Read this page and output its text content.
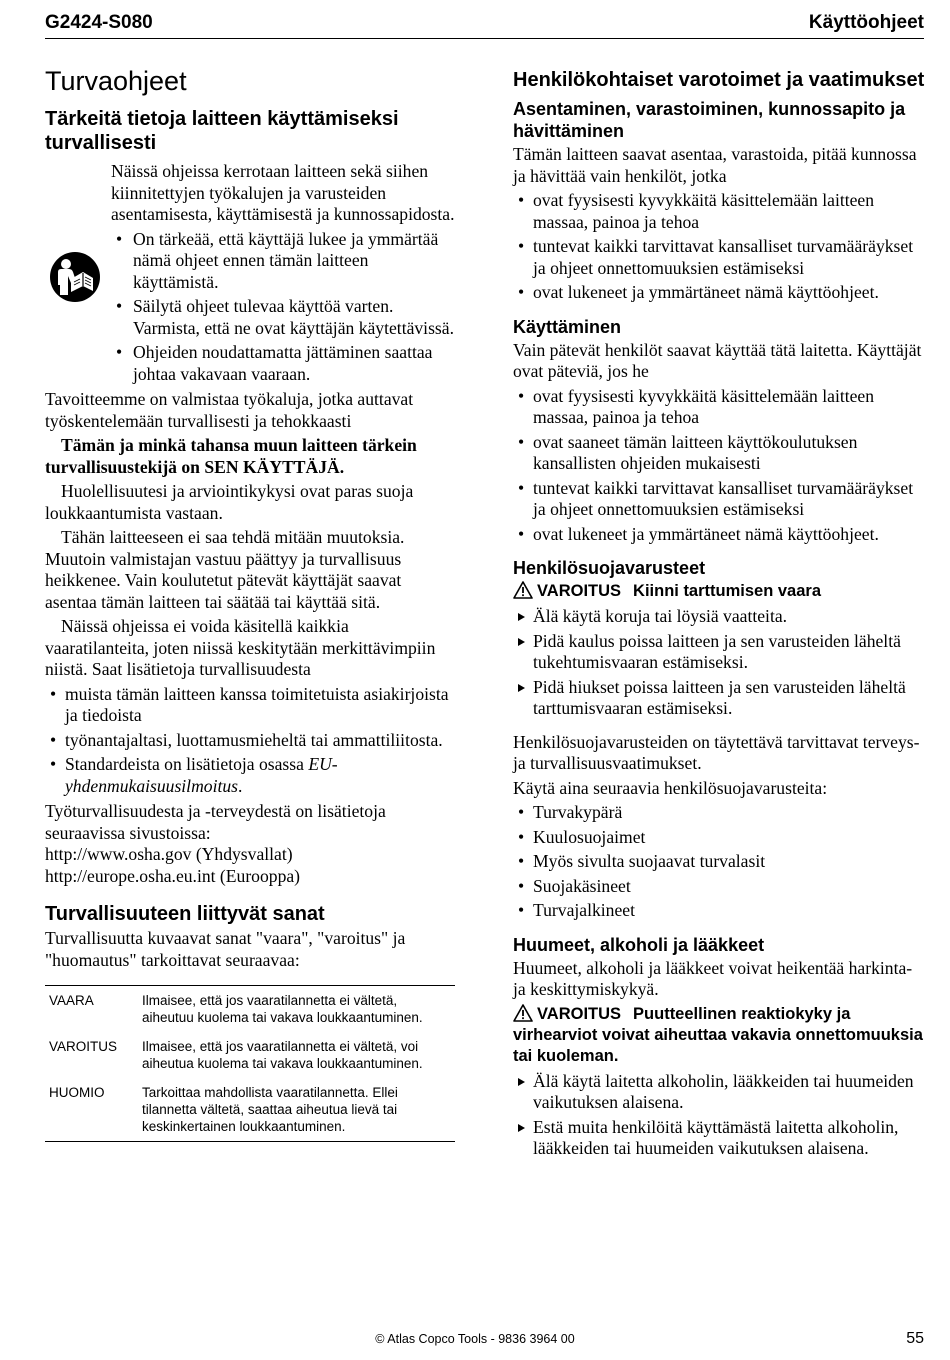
G2424-S080	Käyttöohjeet
Turvaohjeet
Tärkeitä tietoja laitteen käyttämiseksi turvallisesti

Näissä ohjeissa kerrotaan laitteen sekä siihen kiinnitettyjen työkalujen ja varusteiden asentamisesta, käyttämisestä ja kunnossapidosta.

• On tärkeää, että käyttäjä lukee ja ymmärtää nämä ohjeet ennen tämän laitteen käyttämistä.
• Säilytä ohjeet tulevaa käyttöä varten. Varmista, että ne ovat käyttäjän käytettävissä.
• Ohjeiden noudattamatta jättäminen saattaa johtaa vakavaan vaaraan.

Tavoitteemme on valmistaa työkaluja, jotka auttavat työskentelemään turvallisesti ja tehokkaasti

Tämän ja minkä tahansa muun laitteen tärkein turvallisuustekijä on SEN KÄYTTÄJÄ.

Huolellisuutesi ja arviointikykysi ovat paras suoja loukkaantumista vastaan.

Tähän laitteeseen ei saa tehdä mitään muutoksia. Muutoin valmistajan vastuu päättyy ja turvallisuus heikkenee. Vain koulutetut pätevät käyttäjät saavat asentaa tämän laitteen tai säätää tai käyttää sitä.

Näissä ohjeissa ei voida käsitellä kaikkia vaaratilanteita, joten niissä keskitytään merkittävimpiin niistä. Saat lisätietoja turvallisuudesta

• muista tämän laitteen kanssa toimitetuista asiakirjoista ja tiedoista
• työnantajaltasi, luottamusmieheltä tai ammattiliitosta.
• Standardeista on lisätietoja osassa EU-yhdenmukaisuusilmoitus.

Työturvallisuudesta ja -terveydestä on lisätietoja seuraavissa sivustoissa:

http://www.osha.gov (Yhdysvallat)

http://europe.osha.eu.int (Eurooppa)

Turvallisuuteen liittyvät sanat

Turvallisuutta kuvaavat sanat "vaara", "varoitus" ja "huomautus" tarkoittavat seuraavaa:

VAARA	Ilmaisee, että jos vaaratilannetta ei vältetä, aiheutuu kuolema tai vakava loukkaantuminen.
VAROITUS	Ilmaisee, että jos vaaratilannetta ei vältetä, voi aiheutua kuolema tai vakava loukkaantuminen.
HUOMIO	Tarkoittaa mahdollista vaaratilannetta. Ellei tilannetta vältetä, saattaa aiheutua lievä tai keskinkertainen loukkaantuminen.
Henkilökohtaiset varotoimet ja vaatimukset
Asentaminen, varastoiminen, kunnossapito ja hävittäminen

Tämän laitteen saavat asentaa, varastoida, pitää kunnossa ja hävittää vain henkilöt, jotka

• ovat fyysisesti kyvykkäitä käsittelemään laitteen massaa, painoa ja tehoa
• tuntevat kaikki tarvittavat kansalliset turvamääräykset ja ohjeet onnettomuuksien estämiseksi
• ovat lukeneet ja ymmärtäneet nämä käyttöohjeet.
Käyttäminen

Vain pätevät henkilöt saavat käyttää tätä laitetta. Käyttäjät ovat päteviä, jos he

• ovat fyysisesti kyvykkäitä käsittelemään laitteen massaa, painoa ja tehoa
• ovat saaneet tämän laitteen käyttökoulutuksen kansallisten ohjeiden mukaisesti
• tuntevat kaikki tarvittavat kansalliset turvamääräykset ja ohjeet onnettomuuksien estämiseksi
• ovat lukeneet ja ymmärtäneet nämä käyttöohjeet.
Henkilösuojavarusteet
VAROITUS Kiinni tarttumisen vaara
Älä käytä koruja tai löysiä vaatteita.
Pidä kaulus poissa laitteen ja sen varusteiden läheltä tukehtumisvaaran estämiseksi.
Pidä hiukset poissa laitteen ja sen varusteiden läheltä tarttumisvaaran estämiseksi.

Henkilösuojavarusteiden on täytettävä tarvittavat terveys- ja turvallisuusvaatimukset.

Käytä aina seuraavia henkilösuojavarusteita:

• Turvakypärä
• Kuulosuojaimet
• Myös sivulta suojaavat turvalasit
• Suojakäsineet
• Turvajalkineet
Huumeet, alkoholi ja lääkkeet

Huumeet, alkoholi ja lääkkeet voivat heikentää harkinta- ja keskittymiskykyä.

VAROITUS Puutteellinen reaktiokyky ja virhearviot voivat aiheuttaa vakavia onnettomuuksia tai kuoleman.
Älä käytä laitetta alkoholin, lääkkeiden tai huumeiden vaikutuksen alaisena.
Estä muita henkilöitä käyttämästä laitetta alkoholin, lääkkeiden tai huumeiden vaikutuksen alaisena.
© Atlas Copco Tools - 9836 3964 00	55
